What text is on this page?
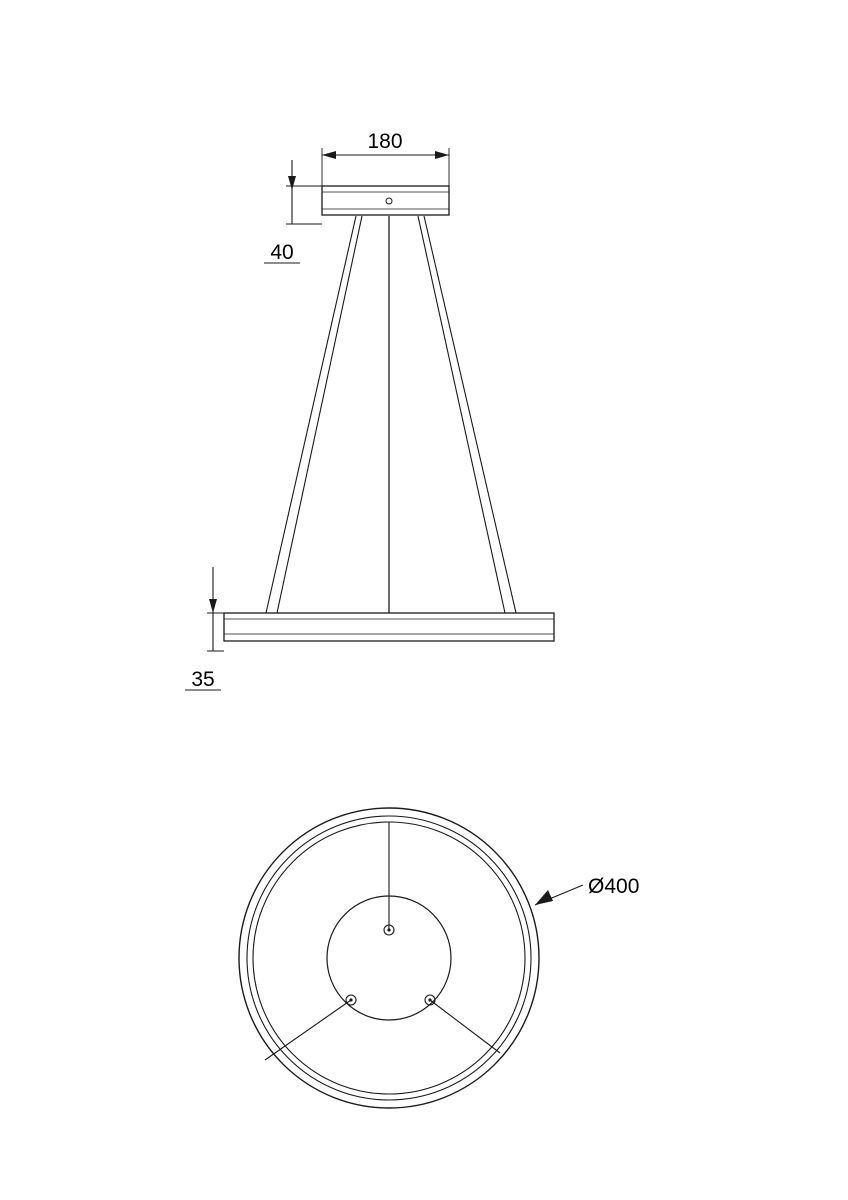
180
40
35
Ø400
